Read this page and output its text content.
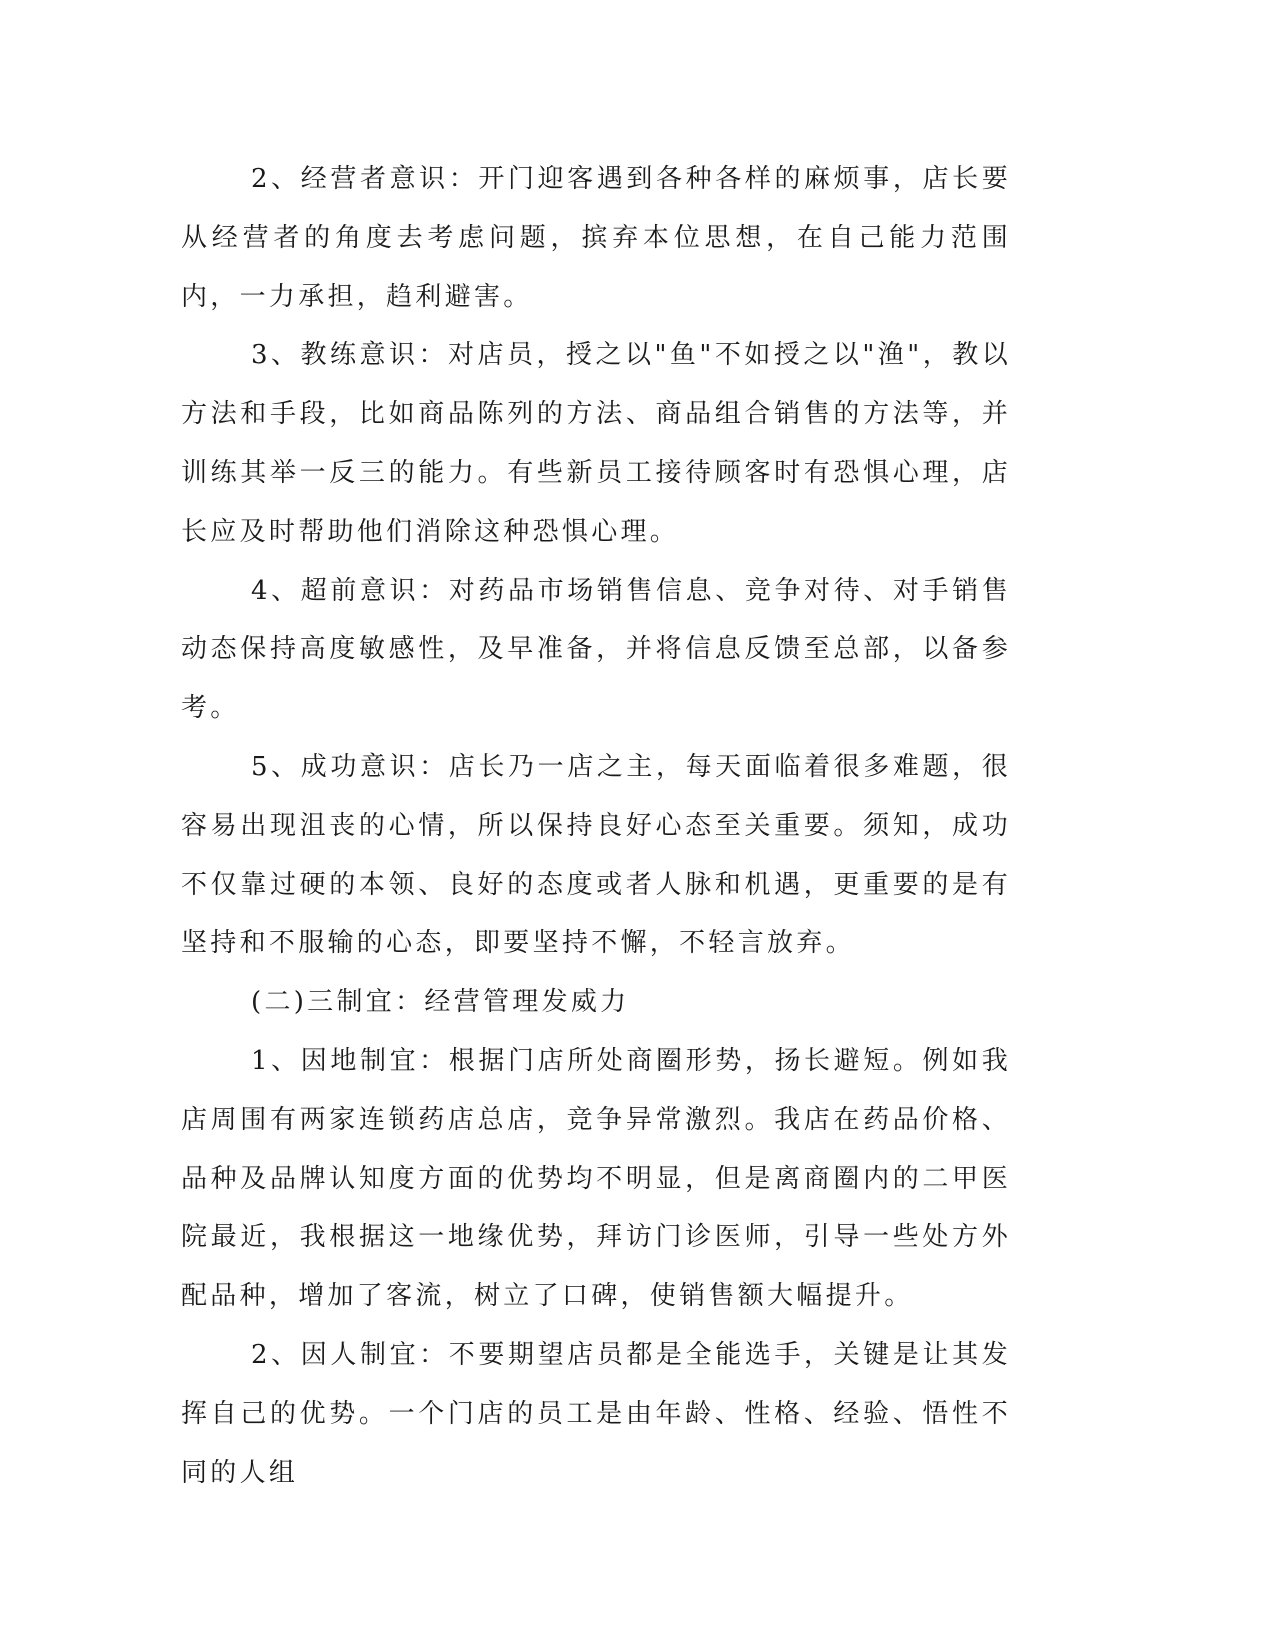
2、经营者意识：开门迎客遇到各种各样的麻烦事，店长要从经营者的角度去考虑问题，摈弃本位思想，在自己能力范围内，一力承担，趋利避害。

3、教练意识：对店员，授之以"鱼"不如授之以"渔"，教以方法和手段，比如商品陈列的方法、商品组合销售的方法等，并训练其举一反三的能力。有些新员工接待顾客时有恐惧心理，店长应及时帮助他们消除这种恐惧心理。

4、超前意识：对药品市场销售信息、竞争对待、对手销售动态保持高度敏感性，及早准备，并将信息反馈至总部，以备参考。

5、成功意识：店长乃一店之主，每天面临着很多难题，很容易出现沮丧的心情，所以保持良好心态至关重要。须知，成功不仅靠过硬的本领、良好的态度或者人脉和机遇，更重要的是有坚持和不服输的心态，即要坚持不懈，不轻言放弃。

(二)三制宜：经营管理发威力

1、因地制宜：根据门店所处商圈形势，扬长避短。例如我店周围有两家连锁药店总店，竞争异常激烈。我店在药品价格、品种及品牌认知度方面的优势均不明显，但是离商圈内的二甲医院最近，我根据这一地缘优势，拜访门诊医师，引导一些处方外配品种，增加了客流，树立了口碑，使销售额大幅提升。

2、因人制宜：不要期望店员都是全能选手，关键是让其发挥自己的优势。一个门店的员工是由年龄、性格、经验、悟性不同的人组
